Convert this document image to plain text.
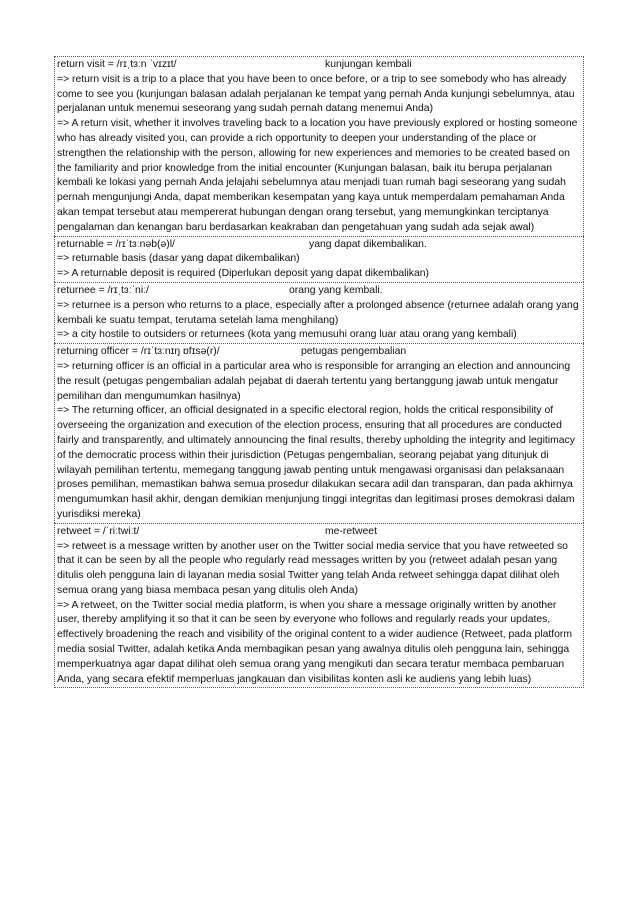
return visit = /rɪˌtɜːn ˈvɪzɪt/	kunjungan kembali

=> return visit is a trip to a place that you have been to once before, or a trip to see somebody who has already come to see you (kunjungan balasan adalah perjalanan ke tempat yang pernah Anda kunjungi sebelumnya, atau perjalanan untuk menemui seseorang yang sudah pernah datang menemui Anda)

=> A return visit, whether it involves traveling back to a location you have previously explored or hosting someone who has already visited you, can provide a rich opportunity to deepen your understanding of the place or strengthen the relationship with the person, allowing for new experiences and memories to be created based on the familiarity and prior knowledge from the initial encounter (Kunjungan balasan, baik itu berupa perjalanan kembali ke lokasi yang pernah Anda jelajahi sebelumnya atau menjadi tuan rumah bagi seseorang yang sudah pernah mengunjungi Anda, dapat memberikan kesempatan yang kaya untuk memperdalam pemahaman Anda akan tempat tersebut atau mempererat hubungan dengan orang tersebut, yang memungkinkan terciptanya pengalaman dan kenangan baru berdasarkan keakraban dan pengetahuan yang sudah ada sejak awal)

returnable = /rɪˈtɜːnəb(ə)l/	yang dapat dikembalikan.

=> returnable basis (dasar yang dapat dikembalikan)

=> A returnable deposit is required (Diperlukan deposit yang dapat dikembalikan)

returnee = /rɪˌtɜːˈniː/	orang yang kembali.

=> returnee is a person who returns to a place, especially after a prolonged absence (returnee adalah orang yang kembali ke suatu tempat, terutama setelah lama menghilang)

=> a city hostile to outsiders or returnees (kota yang memusuhi orang luar atau orang yang kembali)

returning officer = /rɪˈtɜːnɪŋ ɒfɪsə(r)/	petugas pengembalian

=> returning officer is an official in a particular area who is responsible for arranging an election and announcing the result (petugas pengembalian adalah pejabat di daerah tertentu yang bertanggung jawab untuk mengatur pemilihan dan mengumumkan hasilnya)

=> The returning officer, an official designated in a specific electoral region, holds the critical responsibility of overseeing the organization and execution of the election process, ensuring that all procedures are conducted fairly and transparently, and ultimately announcing the final results, thereby upholding the integrity and legitimacy of the democratic process within their jurisdiction (Petugas pengembalian, seorang pejabat yang ditunjuk di wilayah pemilihan tertentu, memegang tanggung jawab penting untuk mengawasi organisasi dan pelaksanaan proses pemilihan, memastikan bahwa semua prosedur dilakukan secara adil dan transparan, dan pada akhirnya mengumumkan hasil akhir, dengan demikian menjunjung tinggi integritas dan legitimasi proses demokrasi dalam yurisdiksi mereka)

retweet = /ˈriːtwiːt/	me-retweet

=> retweet is a message written by another user on the Twitter social media service that you have retweeted so that it can be seen by all the people who regularly read messages written by you (retweet adalah pesan yang ditulis oleh pengguna lain di layanan media sosial Twitter yang telah Anda retweet sehingga dapat dilihat oleh semua orang yang biasa membaca pesan yang ditulis oleh Anda)

=> A retweet, on the Twitter social media platform, is when you share a message originally written by another user, thereby amplifying it so that it can be seen by everyone who follows and regularly reads your updates, effectively broadening the reach and visibility of the original content to a wider audience (Retweet, pada platform media sosial Twitter, adalah ketika Anda membagikan pesan yang awalnya ditulis oleh pengguna lain, sehingga memperkuatnya agar dapat dilihat oleh semua orang yang mengikuti dan secara teratur membaca pembaruan Anda, yang secara efektif memperluas jangkauan dan visibilitas konten asli ke audiens yang lebih luas)
